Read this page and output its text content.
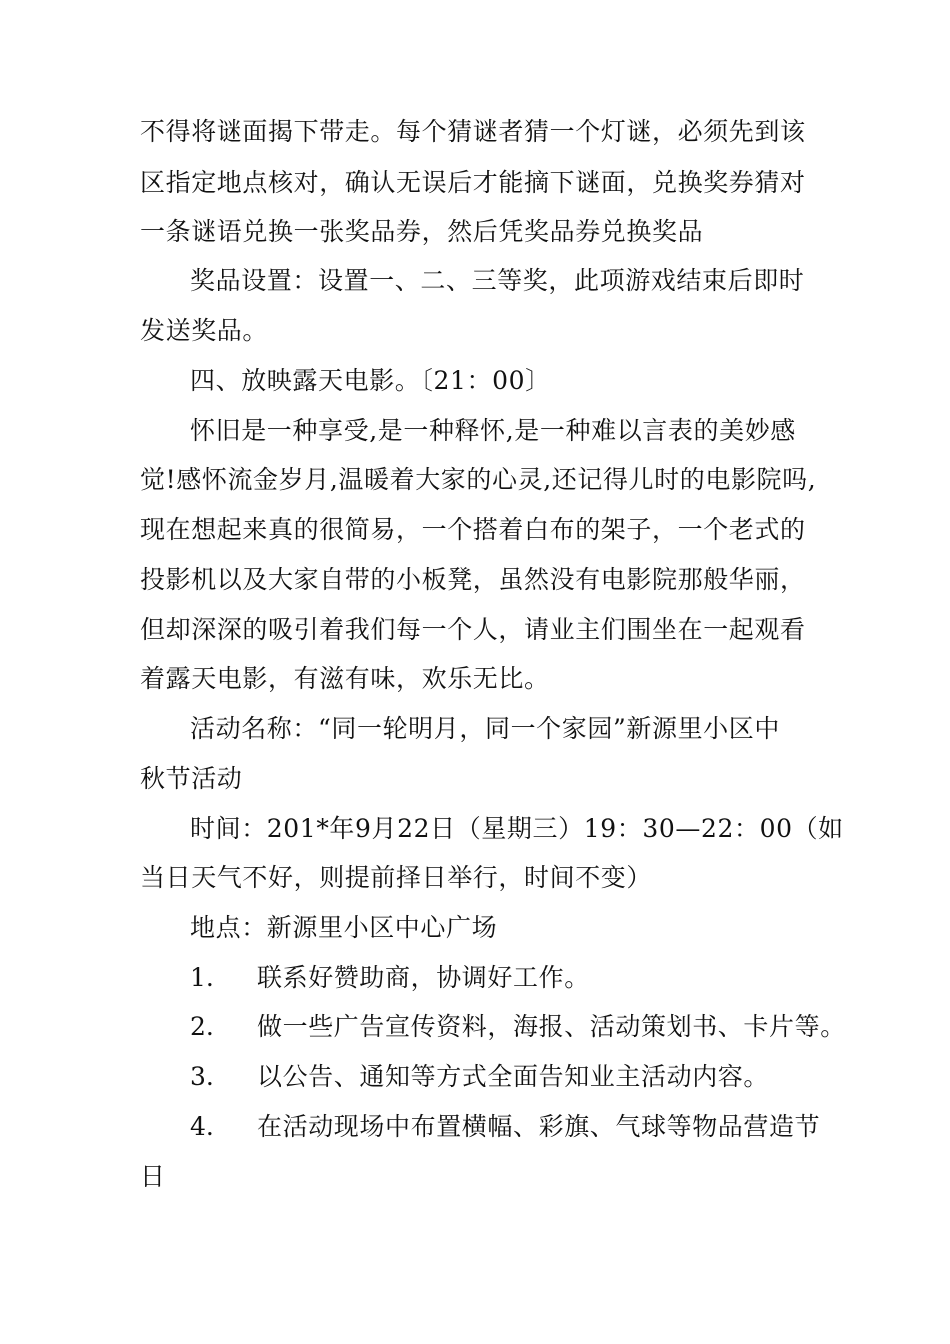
不得将谜面揭下带走。每个猜谜者猜一个灯谜，必须先到该
区指定地点核对，确认无误后才能摘下谜面，兑换奖券猜对
一条谜语兑换一张奖品券，然后凭奖品券兑换奖品
奖品设置：设置一、二、三等奖，此项游戏结束后即时
发送奖品。
四、放映露天电影。〔21：00〕
怀旧是一种享受,是一种释怀,是一种难以言表的美妙感
觉!感怀流金岁月,温暖着大家的心灵,还记得儿时的电影院吗,
现在想起来真的很简易，一个搭着白布的架子，一个老式的
投影机以及大家自带的小板凳，虽然没有电影院那般华丽，
但却深深的吸引着我们每一个人，请业主们围坐在一起观看
着露天电影，有滋有味，欢乐无比。
活动名称：“同一轮明月，同一个家园”新源里小区中
秋节活动
时间：201*年9月22日（星期三）19：30—22：00（如
当日天气不好，则提前择日举行，时间不变）
地点：新源里小区中心广场
1. 联系好赞助商，协调好工作。
2. 做一些广告宣传资料，海报、活动策划书、卡片等。
3. 以公告、通知等方式全面告知业主活动内容。
4. 在活动现场中布置横幅、彩旗、气球等物品营造节
日
